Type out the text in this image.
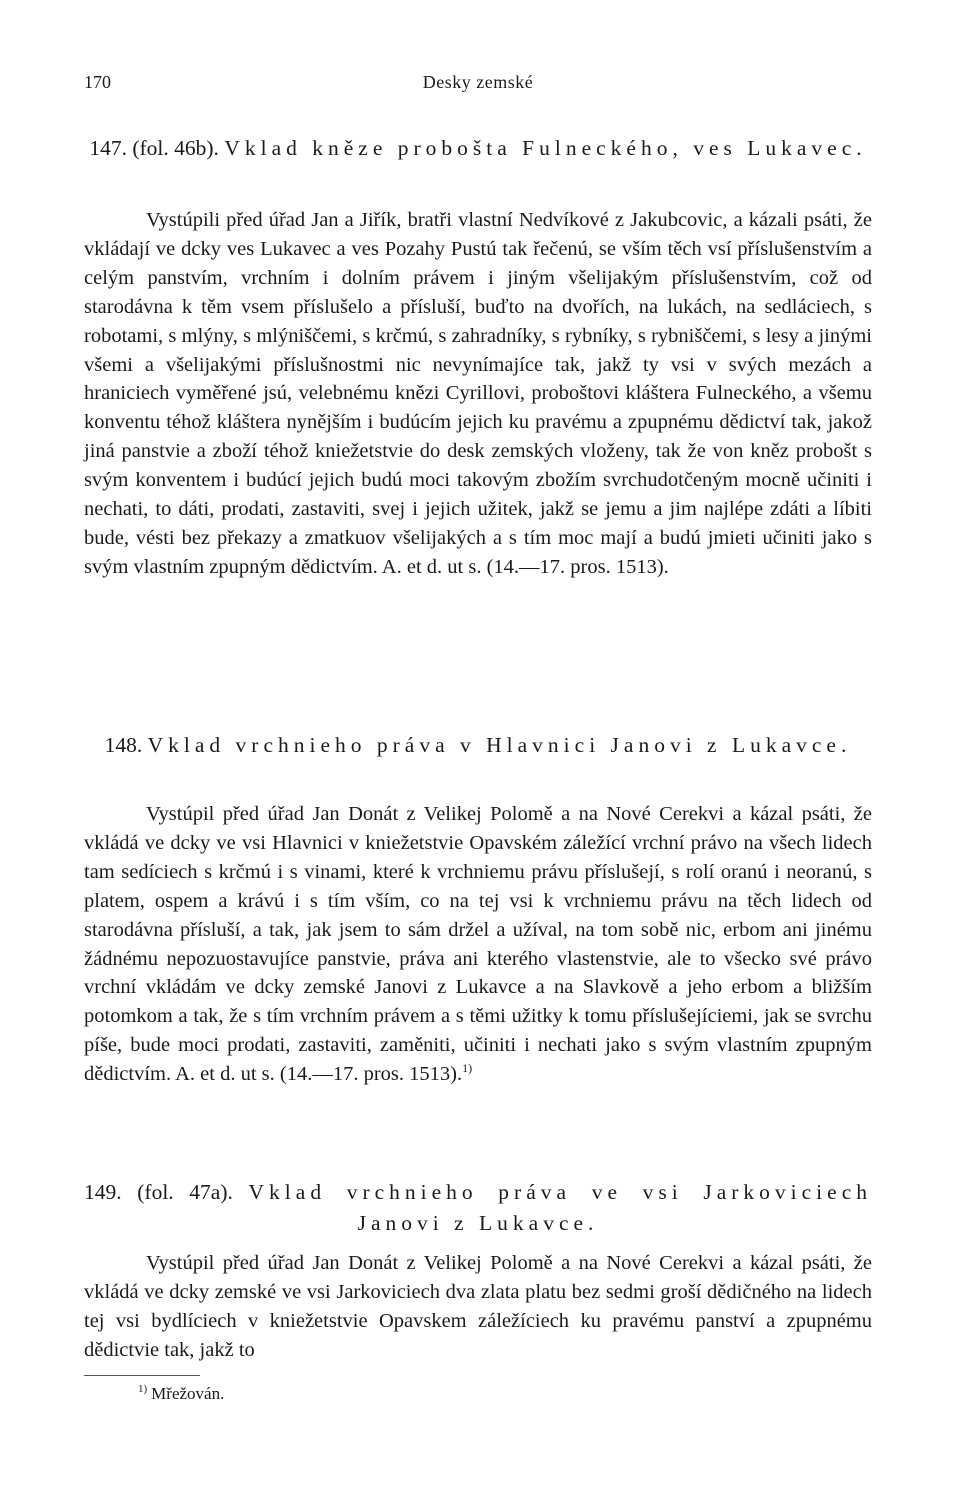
170	Desky zemské
147. (fol. 46b). Vklad kněze probošta Fulneckého, ves Lukavec.
Vystúpili před úřad Jan a Jiřík, bratři vlastní Nedvíkové z Jakubcovic, a kázali psáti, že vkládají ve dcky ves Lukavec a ves Pozahy Pustú tak řečenú, se vším těch vsí příslušenstvím a celým panstvím, vrchním i dolním právem i jiným všelijakým příslušenstvím, což od starodávna k těm vsem příslušelo a přísluší, buďto na dvořích, na lukách, na sedláciech, s robotami, s mlýny, s mlýniščemi, s krčmú, s zahradníky, s rybníky, s rybniščemi, s lesy a jinými všemi a všelijakými příslušnostmi nic nevynímajíce tak, jakž ty vsi v svých mezách a hraniciech vyměřené jsú, velebnému knězi Cyrillovi, proboštovi kláštera Fulneckého, a všemu konventu téhož kláštera nynějším i budúcím jejich ku pravému a zpupnému dědictví tak, jakož jiná panstvie a zboží téhož kniežetstvie do desk zemských vloženy, tak že von kněz probošt s svým konventem i budúcí jejich budú moci takovým zbožím svrchudotčeným mocně učiniti i nechati, to dáti, prodati, zastaviti, svej i jejich užitek, jakž se jemu a jim najlépe zdáti a líbiti bude, vésti bez překazy a zmatkuov všelijakých a s tím moc mají a budú jmieti učiniti jako s svým vlastním zpupným dědictvím. A. et d. ut s. (14.—17. pros. 1513).
148. Vklad vrchnieho práva v Hlavnici Janovi z Lukavce.
Vystúpil před úřad Jan Donát z Velikej Polomě a na Nové Cerekvi a kázal psáti, že vkládá ve dcky ve vsi Hlavnici v kniežetstvie Opavském záležící vrchní právo na všech lidech tam sedíciech s krčmú i s vinami, které k vrchniemu právu příslušejí, s rolí oranú i neoranú, s platem, ospem a krávú i s tím vším, co na tej vsi k vrchniemu právu na těch lidech od starodávna přísluší, a tak, jak jsem to sám držel a užíval, na tom sobě nic, erbom ani jinému žádnému nepozuostavujíce panstvie, práva ani kterého vlastenstvie, ale to všecko své právo vrchní vkládám ve dcky zemské Janovi z Lukavce a na Slavkově a jeho erbom a bližším potomkom a tak, že s tím vrchním právem a s těmi užitky k tomu příslušejíciemi, jak se svrchu píše, bude moci prodati, zastaviti, zaměniti, učiniti i nechati jako s svým vlastním zpupným dědictvím. A. et d. ut s. (14.—17. pros. 1513).$^{1)}$
149. (fol. 47a). Vklad vrchnieho práva ve vsi Jarkoviciech Janovi z Lukavce.
Vystúpil před úřad Jan Donát z Velikej Polomě a na Nové Cerekvi a kázal psáti, že vkládá ve dcky zemské ve vsi Jarkoviciech dva zlata platu bez sedmi groší dědičného na lidech tej vsi bydlíciech v kniežetstvie Opavskem záležíciech ku pravému panství a zpupnému dědictvie tak, jakž to
$^{1)}$ Mřežován.
